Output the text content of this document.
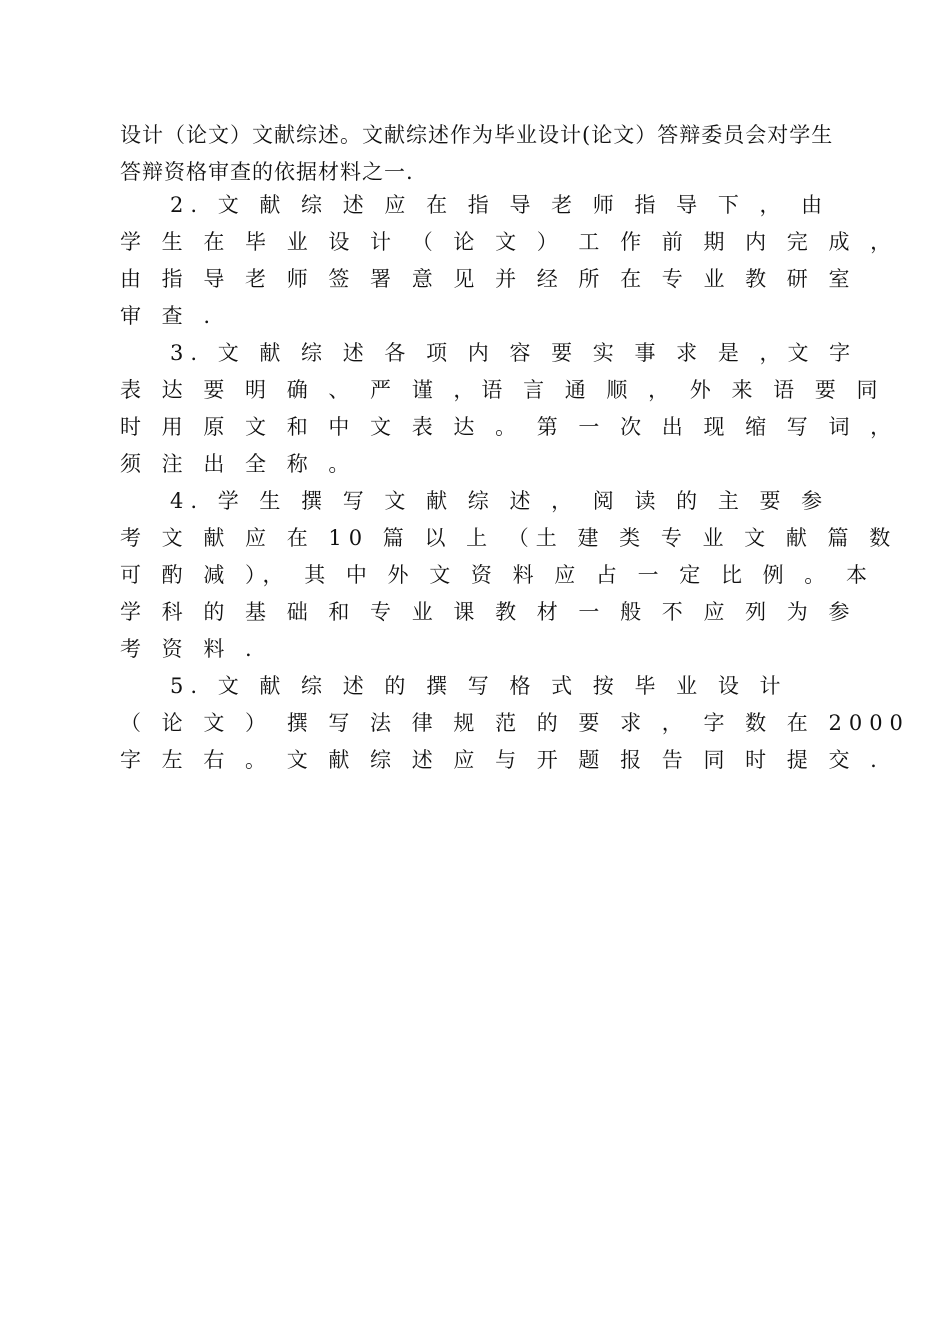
设计（论文）文献综述。文献综述作为毕业设计(论文）答辩委员会对学生
答辩资格审查的依据材料之一.
2. 文 献 综 述 应 在 指 导 老 师 指 导 下 ， 由
学 生 在 毕 业 设 计 （ 论 文 ） 工 作 前 期 内 完 成 ，
由 指 导 老 师 签 署 意 见 并 经 所 在 专 业 教 研 室
审 查 .
3. 文 献 综 述 各 项 内 容 要 实 事 求 是 ，文 字
表 达 要 明 确 、 严 谨 ，语 言 通 顺 ， 外 来 语 要 同
时 用 原 文 和 中 文 表 达 。 第 一 次 出 现 缩 写 词 ，
须 注 出 全 称 。
4. 学 生 撰 写 文 献 综 述 ， 阅 读 的 主 要 参
考 文 献 应 在 10 篇 以 上 （土 建 类 专 业 文 献 篇 数
可 酌 减 ）， 其 中 外 文 资 料 应 占 一 定 比 例 。 本
学 科 的 基 础 和 专 业 课 教 材 一 般 不 应 列 为 参
考 资 料 .
5. 文 献 综 述 的 撰 写 格 式 按 毕 业 设 计
（ 论 文 ） 撰 写 法 律 规 范 的 要 求 ， 字 数 在 2000
字 左 右 。 文 献 综 述 应 与 开 题 报 告 同 时 提 交 .
